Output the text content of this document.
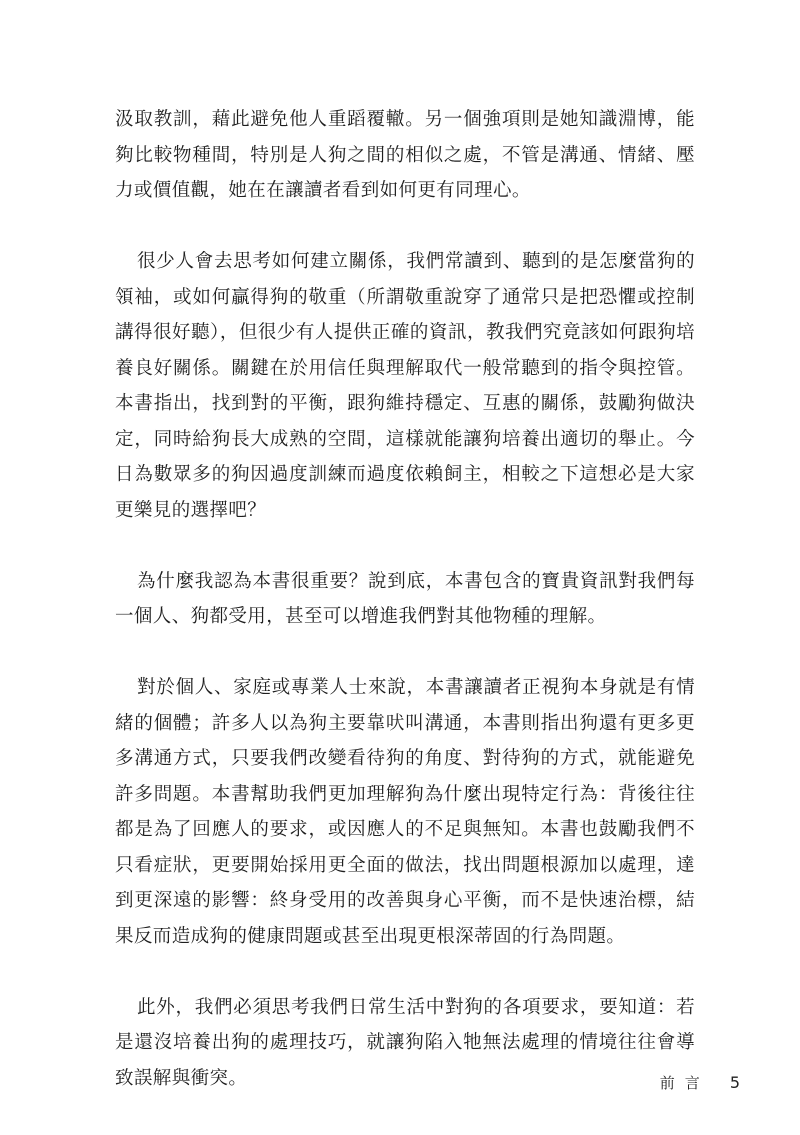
汲取教訓，藉此避免他人重蹈覆轍。另一個強項則是她知識淵博，能夠比較物種間，特別是人狗之間的相似之處，不管是溝通、情緒、壓力或價值觀，她在在讓讀者看到如何更有同理心。

很少人會去思考如何建立關係，我們常讀到、聽到的是怎麼當狗的領袖，或如何贏得狗的敬重（所謂敬重說穿了通常只是把恐懼或控制講得很好聽），但很少有人提供正確的資訊，教我們究竟該如何跟狗培養良好關係。關鍵在於用信任與理解取代一般常聽到的指令與控管。本書指出，找到對的平衡，跟狗維持穩定、互惠的關係，鼓勵狗做決定，同時給狗長大成熟的空間，這樣就能讓狗培養出適切的舉止。今日為數眾多的狗因過度訓練而過度依賴飼主，相較之下這想必是大家更樂見的選擇吧？

為什麼我認為本書很重要？說到底，本書包含的寶貴資訊對我們每一個人、狗都受用，甚至可以增進我們對其他物種的理解。

對於個人、家庭或專業人士來說，本書讓讀者正視狗本身就是有情緒的個體；許多人以為狗主要靠吠叫溝通，本書則指出狗還有更多更多溝通方式，只要我們改變看待狗的角度、對待狗的方式，就能避免許多問題。本書幫助我們更加理解狗為什麼出現特定行為：背後往往都是為了回應人的要求，或因應人的不足與無知。本書也鼓勵我們不只看症狀，更要開始採用更全面的做法，找出問題根源加以處理，達到更深遠的影響：終身受用的改善與身心平衡，而不是快速治標，結果反而造成狗的健康問題或甚至出現更根深蒂固的行為問題。

此外，我們必須思考我們日常生活中對狗的各項要求，要知道：若是還沒培養出狗的處理技巧，就讓狗陷入牠無法處理的情境往往會導致誤解與衝突。	前言 5
